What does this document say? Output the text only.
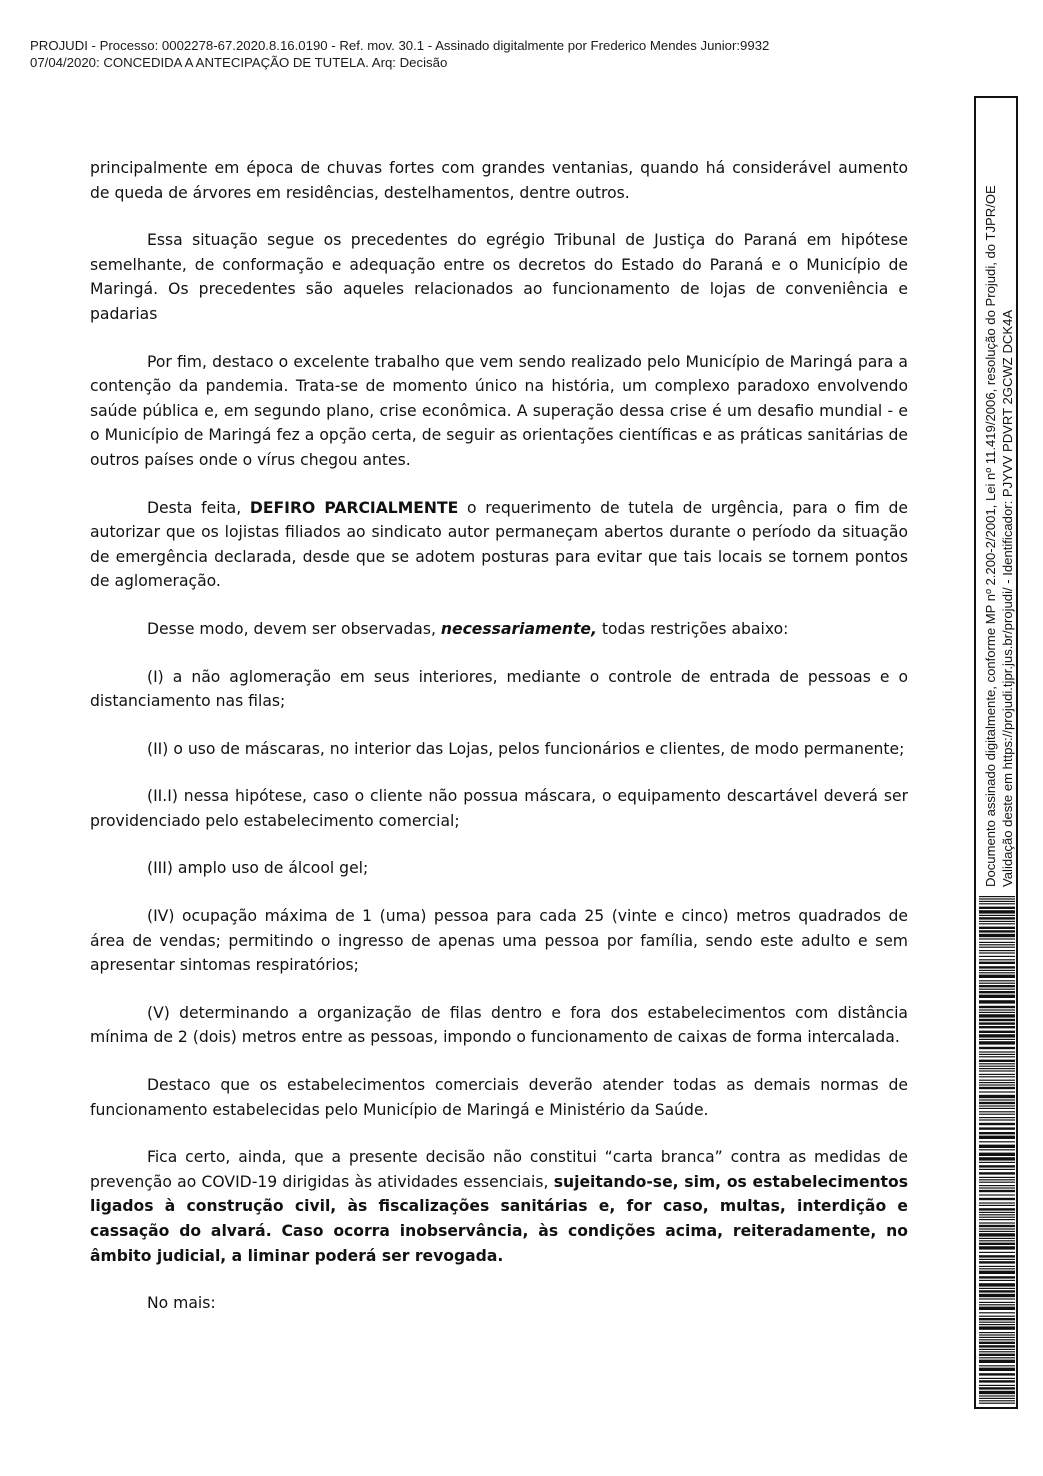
PROJUDI - Processo: 0002278-67.2020.8.16.0190 - Ref. mov. 30.1 - Assinado digitalmente por Frederico Mendes Junior:9932
07/04/2020: CONCEDIDA A ANTECIPAÇÃO DE TUTELA. Arq: Decisão

principalmente em época de chuvas fortes com grandes ventanias, quando há considerável aumento de queda de árvores em residências, destelhamentos, dentre outros.

Essa situação segue os precedentes do egrégio Tribunal de Justiça do Paraná em hipótese semelhante, de conformação e adequação entre os decretos do Estado do Paraná e o Município de Maringá. Os precedentes são aqueles relacionados ao funcionamento de lojas de conveniência e padarias

Por fim, destaco o excelente trabalho que vem sendo realizado pelo Município de Maringá para a contenção da pandemia. Trata-se de momento único na história, um complexo paradoxo envolvendo saúde pública e, em segundo plano, crise econômica. A superação dessa crise é um desafio mundial - e o Município de Maringá fez a opção certa, de seguir as orientações científicas e as práticas sanitárias de outros países onde o vírus chegou antes.

Desta feita, DEFIRO PARCIALMENTE o requerimento de tutela de urgência, para o fim de autorizar que os lojistas filiados ao sindicato autor permaneçam abertos durante o período da situação de emergência declarada, desde que se adotem posturas para evitar que tais locais se tornem pontos de aglomeração.

Desse modo, devem ser observadas, necessariamente, todas restrições abaixo:

(I) a não aglomeração em seus interiores, mediante o controle de entrada de pessoas e o distanciamento nas filas;

(II) o uso de máscaras, no interior das Lojas, pelos funcionários e clientes, de modo permanente;

(II.I) nessa hipótese, caso o cliente não possua máscara, o equipamento descartável deverá ser providenciado pelo estabelecimento comercial;

(III) amplo uso de álcool gel;

(IV) ocupação máxima de 1 (uma) pessoa para cada 25 (vinte e cinco) metros quadrados de área de vendas; permitindo o ingresso de apenas uma pessoa por família, sendo este adulto e sem apresentar sintomas respiratórios;

(V) determinando a organização de filas dentro e fora dos estabelecimentos com distância mínima de 2 (dois) metros entre as pessoas, impondo o funcionamento de caixas de forma intercalada.

Destaco que os estabelecimentos comerciais deverão atender todas as demais normas de funcionamento estabelecidas pelo Município de Maringá e Ministério da Saúde.

Fica certo, ainda, que a presente decisão não constitui “carta branca” contra as medidas de prevenção ao COVID-19 dirigidas às atividades essenciais, sujeitando-se, sim, os estabelecimentos ligados à construção civil, às fiscalizações sanitárias e, for caso, multas, interdição e cassação do alvará. Caso ocorra inobservância, às condições acima, reiteradamente, no âmbito judicial, a liminar poderá ser revogada.

No mais:

Documento assinado digitalmente, conforme MP nº 2.200-2/2001, Lei nº 11.419/2006, resolução do Projudi, do TJPR/OE Validação deste em https://projudi.tjpr.jus.br/projudi/ - Identificador: PJYVV PDVRT 2GCWZ DCK4A
